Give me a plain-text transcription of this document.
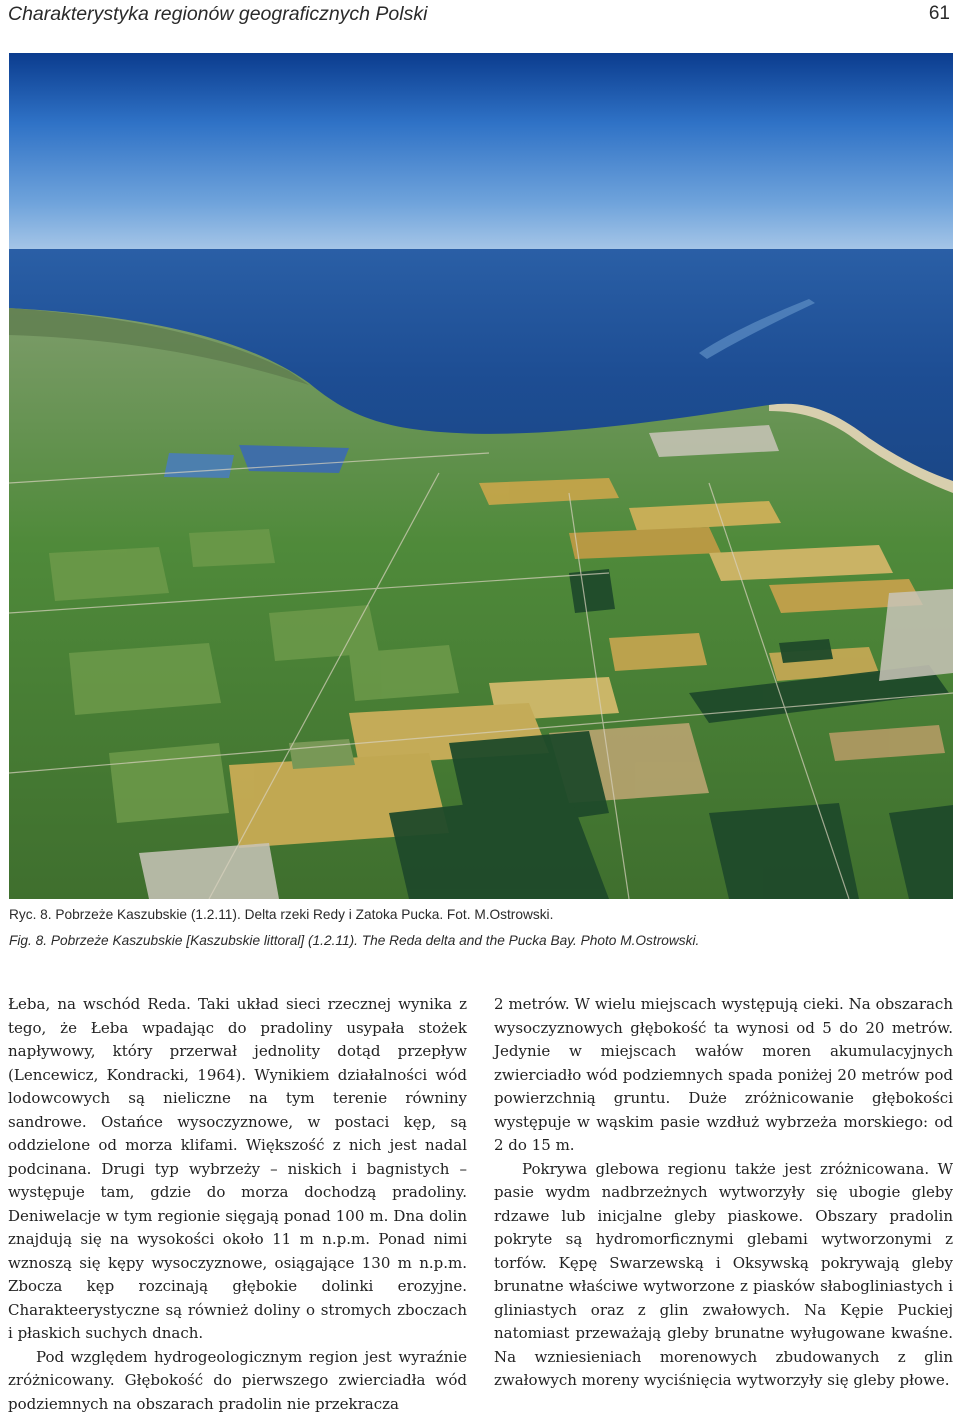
Charakterystyka regionów geograficznych Polski	61
Ryc. 8. Pobrzeże Kaszubskie (1.2.11). Delta rzeki Redy i Zatoka Pucka. Fot. M.Ostrowski.
Fig. 8. Pobrzeże Kaszubskie [Kaszubskie littoral] (1.2.11). The Reda delta and the Pucka Bay. Photo M.Ostrowski.

Łeba, na wschód Reda. Taki układ sieci rzecznej wynika z tego, że Łeba wpadając do pradoliny usypała stożek napływowy, który przerwał jednolity dotąd przepływ (Lencewicz, Kondracki, 1964). Wynikiem działalności wód lodowcowych są nieliczne na tym terenie równiny sandrowe. Ostańce wysoczyznowe, w postaci kęp, są oddzielone od morza klifami. Większość z nich jest nadal podcinana. Drugi typ wybrzeży – niskich i bagnistych – występuje tam, gdzie do morza dochodzą pradoliny. Deniwelacje w tym regionie sięgają ponad 100 m. Dna dolin znajdują się na wysokości około 11 m n.p.m. Ponad nimi wznoszą się kępy wysoczyznowe, osiągające 130 m n.p.m. Zbocza kęp rozcinają głębokie dolinki erozyjne. Charakteerystyczne są również doliny o stromych zboczach i płaskich suchych dnach.

Pod względem hydrogeologicznym region jest wyraźnie zróżnicowany. Głębokość do pierwszego zwierciadła wód podziemnych na obszarach pradolin nie przekracza

2 metrów. W wielu miejscach występują cieki. Na obszarach wysoczyznowych głębokość ta wynosi od 5 do 20 metrów. Jedynie w miejscach wałów moren akumulacyjnych zwierciadło wód podziemnych spada poniżej 20 metrów pod powierzchnią gruntu. Duże zróżnicowanie głębokości występuje w wąskim pasie wzdłuż wybrzeża morskiego: od 2 do 15 m.

Pokrywa glebowa regionu także jest zróżnicowana. W pasie wydm nadbrzeżnych wytworzyły się ubogie gleby rdzawe lub inicjalne gleby piaskowe. Obszary pradolin pokryte są hydromorficznymi glebami wytworzonymi z torfów. Kępę Swarzewską i Oksywską pokrywają gleby brunatne właściwe wytworzone z piasków słabogliniastych i gliniastych oraz z glin zwałowych. Na Kępie Puckiej natomiast przeważają gleby brunatne wyługowane kwaśne. Na wzniesieniach morenowych zbudowanych z glin zwałowych moreny wyciśnięcia wytworzyły się gleby płowe.
